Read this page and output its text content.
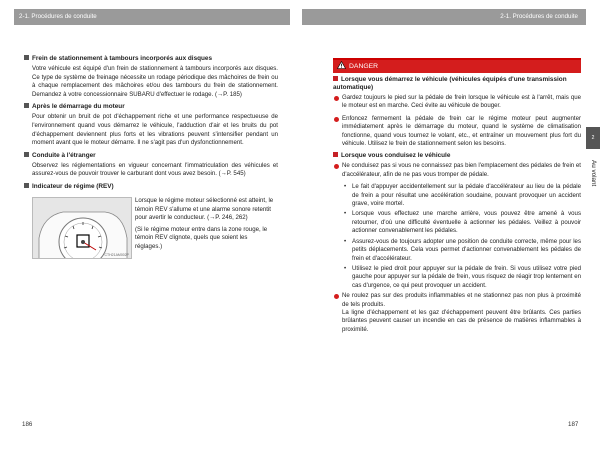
2-1. Procédures de conduite	2-1. Procédures de conduite
Frein de stationnement à tambours incorporés aux disques
Votre véhicule est équipé d'un frein de stationnement à tambours incorporés aux disques. Ce type de système de freinage nécessite un rodage périodique des mâchoires de frein ou à chaque remplacement des mâchoires et/ou des tambours du frein de stationnement. Demandez à votre concessionnaire SUBARU d'effectuer le rodage. (→P. 185)
Après le démarrage du moteur
Pour obtenir un bruit de pot d'échappement riche et une performance respectueuse de l'environnement quand vous démarrez le véhicule, l'adduction d'air et les bruits du pot d'échappement deviennent plus forts et les vibrations peuvent s'intensifier pendant un moment avant que le moteur démarre. Il ne s'agit pas d'un dysfonctionnement.
Conduite à l'étranger
Observez les réglementations en vigueur concernant l'immatriculation des véhicules et assurez-vous de pouvoir trouver le carburant dont vous avez besoin. (→P. 545)
Indicateur de régime (REV)
CTH21AM002P

Lorsque le régime moteur sélectionné est atteint, le témoin REV s'allume et une alarme sonore retentit pour avertir le conducteur. (→P. 246, 262)

(Si le régime moteur entre dans la zone rouge, le témoin REV clignote, quels que soient les réglages.)

DANGER
Lorsque vous démarrez le véhicule (véhicules équipés d'une transmission automatique)
Gardez toujours le pied sur la pédale de frein lorsque le véhicule est à l'arrêt, mais que le moteur est en marche. Ceci évite au véhicule de bouger.
Enfoncez fermement la pédale de frein car le régime moteur peut augmenter immédiatement après le démarrage du moteur, quand le système de climatisation fonctionne, quand vous tournez le volant, etc., et entraîner un mouvement plus fort du véhicule. Utilisez le frein de stationnement selon les besoins.
Lorsque vous conduisez le véhicule
Ne conduisez pas si vous ne connaissez pas bien l'emplacement des pédales de frein et d'accélérateur, afin de ne pas vous tromper de pédale.
• Le fait d'appuyer accidentellement sur la pédale d'accélérateur au lieu de la pédale de frein a pour résultat une accélération soudaine, pouvant provoquer un accident grave, voire mortel.
• Lorsque vous effectuez une marche arrière, vous pouvez être amené à vous retourner, d'où une difficulté éventuelle à actionner les pédales. Veillez à pouvoir actionner convenablement les pédales.
• Assurez-vous de toujours adopter une position de conduite correcte, même pour les petits déplacements. Cela vous permet d'actionner convenablement les pédales de frein et d'accélérateur.
• Utilisez le pied droit pour appuyer sur la pédale de frein. Si vous utilisez votre pied gauche pour appuyer sur la pédale de frein, vous risquez de réagir trop lentement en cas d'urgence, ce qui peut provoquer un accident.
Ne roulez pas sur des produits inflammables et ne stationnez pas non plus à proximité de tels produits.
La ligne d'échappement et les gaz d'échappement peuvent être brûlants. Ces parties brûlantes peuvent causer un incendie en cas de présence de matières inflammables à proximité.
2
Au volant
186	187
